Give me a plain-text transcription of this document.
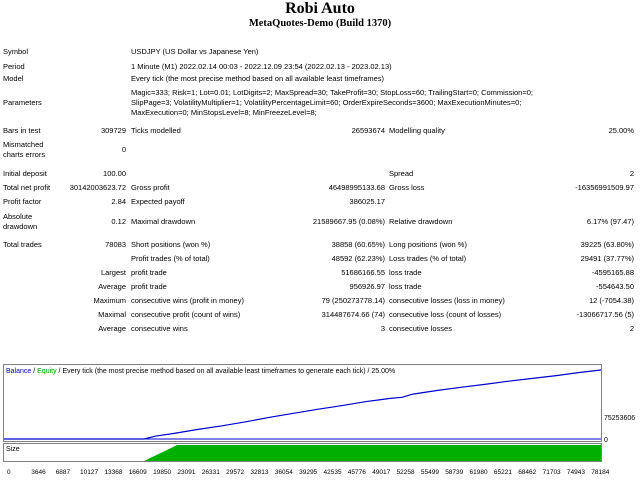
Robi Auto
MetaQuotes-Demo (Build 1370)
Symbol	USDJPY (US Dollar vs Japanese Yen)
Period	1 Minute (M1) 2022.02.14 00:03 - 2022.12.09 23:54 (2022.02.13 - 2023.02.13)
Model	Every tick (the most precise method based on all available least timeframes)
Parameters
Magic=333; Risk=1; Lot=0.01; LotDigits=2; MaxSpread=30; TakeProfit=30; StopLoss=60; TrailingStart=0; Commission=0;
SlipPage=3; VolatilityMultiplier=1; VolatilityPercentageLimit=60; OrderExpireSeconds=3600; MaxExecutionMinutes=0;
MaxExecution=0; MinStopsLevel=8; MinFreezeLevel=8;
Bars in test	309729 Ticks modelled	26593674 Modelling quality	25.00%
Mismatched
charts errors
0
Initial deposit	100.00	Spread	2
Total net profit	30142003623.72 Gross profit	46498995133.68 Gross loss	-16356991509.97
Profit factor	2.84 Expected payoff	386025.17
Absolute
drawdown
0.12 Maximal drawdown	21589667.95 (0.08%) Relative drawdown	6.17% (97.47)
Total trades	78083 Short positions (won %)	38858 (60.65%) Long positions (won %)	39225 (63.80%)
Profit trades (% of total)	48592 (62.23%) Loss trades (% of total)	29491 (37.77%)
Largest profit trade	51686166.55 loss trade	-4595165.88
Average profit trade	956926.97 loss trade	-554643.50
Maximum consecutive wins (profit in money)	79 (250273778.14) consecutive losses (loss in money)	12 (-7054.38)
Maximal consecutive profit (count of wins)	314487674.66 (74) consecutive loss (count of losses)	-13066717.56 (5)
Average consecutive wins	3 consecutive losses	2
Balance / Equity / Every tick (the most precise method based on all available least timeframes to generate each tick) / 25.00%
75253606
0
Size
0	3646 6887 10127 13368 16609 19850 23091 26331 29572 32813 36054 39295 42535 45776 49017 52258 55499 58739 61980 65221 68462 71703 74943 78184
